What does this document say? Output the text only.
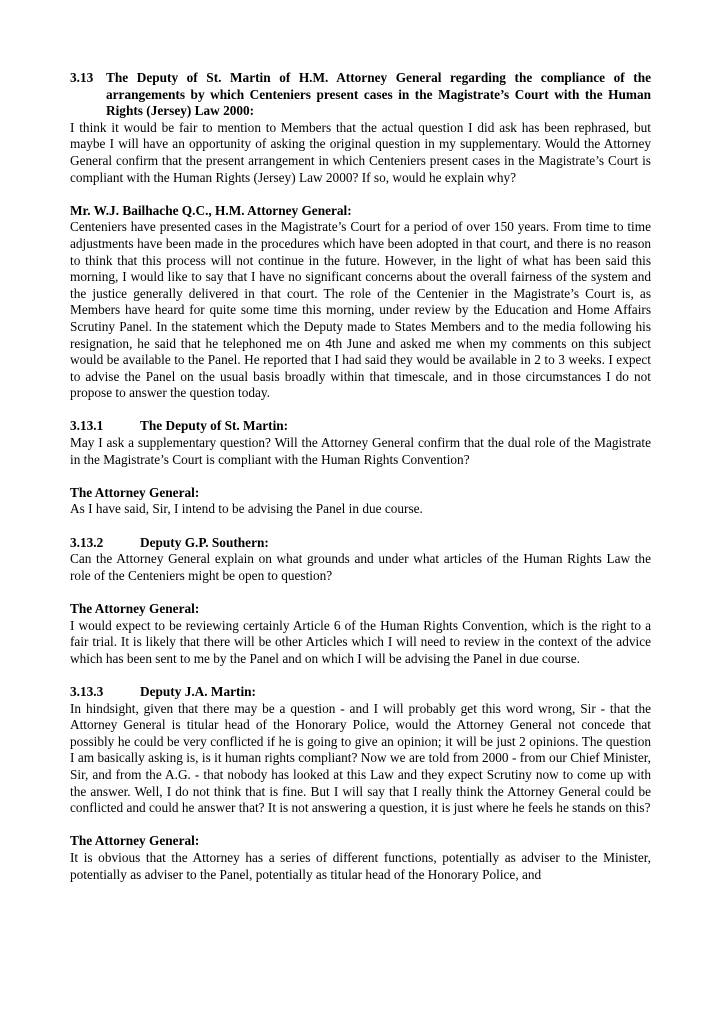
3.13 The Deputy of St. Martin of H.M. Attorney General regarding the compliance of the arrangements by which Centeniers present cases in the Magistrate’s Court with the Human Rights (Jersey) Law 2000:

I think it would be fair to mention to Members that the actual question I did ask has been rephrased, but maybe I will have an opportunity of asking the original question in my supplementary. Would the Attorney General confirm that the present arrangement in which Centeniers present cases in the Magistrate’s Court is compliant with the Human Rights (Jersey) Law 2000? If so, would he explain why?

Mr. W.J. Bailhache Q.C., H.M. Attorney General:

Centeniers have presented cases in the Magistrate’s Court for a period of over 150 years. From time to time adjustments have been made in the procedures which have been adopted in that court, and there is no reason to think that this process will not continue in the future. However, in the light of what has been said this morning, I would like to say that I have no significant concerns about the overall fairness of the system and the justice generally delivered in that court. The role of the Centenier in the Magistrate’s Court is, as Members have heard for quite some time this morning, under review by the Education and Home Affairs Scrutiny Panel. In the statement which the Deputy made to States Members and to the media following his resignation, he said that he telephoned me on 4th June and asked me when my comments on this subject would be available to the Panel. He reported that I had said they would be available in 2 to 3 weeks. I expect to advise the Panel on the usual basis broadly within that timescale, and in those circumstances I do not propose to answer the question today.

3.13.1	The Deputy of St. Martin:

May I ask a supplementary question? Will the Attorney General confirm that the dual role of the Magistrate in the Magistrate’s Court is compliant with the Human Rights Convention?

The Attorney General:

As I have said, Sir, I intend to be advising the Panel in due course.

3.13.2	Deputy G.P. Southern:

Can the Attorney General explain on what grounds and under what articles of the Human Rights Law the role of the Centeniers might be open to question?

The Attorney General:

I would expect to be reviewing certainly Article 6 of the Human Rights Convention, which is the right to a fair trial. It is likely that there will be other Articles which I will need to review in the context of the advice which has been sent to me by the Panel and on which I will be advising the Panel in due course.

3.13.3	Deputy J.A. Martin:

In hindsight, given that there may be a question - and I will probably get this word wrong, Sir - that the Attorney General is titular head of the Honorary Police, would the Attorney General not concede that possibly he could be very conflicted if he is going to give an opinion; it will be just 2 opinions. The question I am basically asking is, is it human rights compliant? Now we are told from 2000 - from our Chief Minister, Sir, and from the A.G. - that nobody has looked at this Law and they expect Scrutiny now to come up with the answer. Well, I do not think that is fine. But I will say that I really think the Attorney General could be conflicted and could he answer that? It is not answering a question, it is just where he feels he stands on this?

The Attorney General:

It is obvious that the Attorney has a series of different functions, potentially as adviser to the Minister, potentially as adviser to the Panel, potentially as titular head of the Honorary Police, and
